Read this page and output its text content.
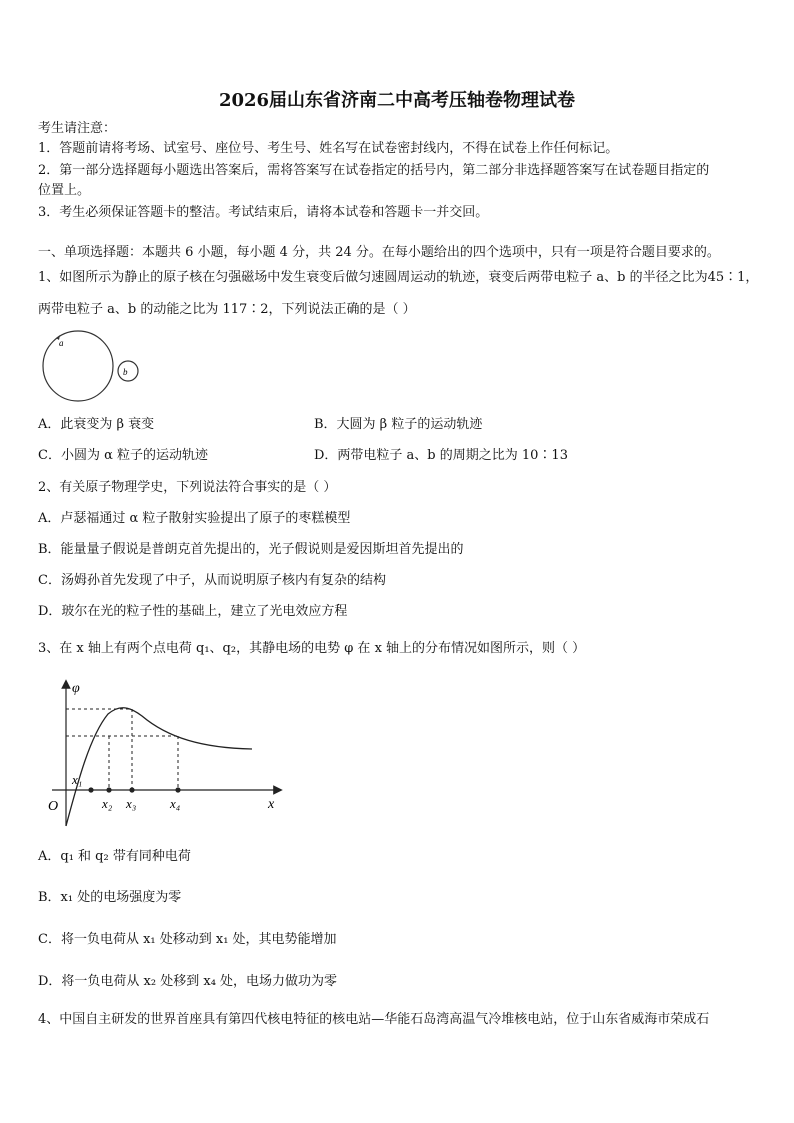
2026届山东省济南二中高考压轴卷物理试卷
考生请注意：
1．答题前请将考场、试室号、座位号、考生号、姓名写在试卷密封线内，不得在试卷上作任何标记。
2．第一部分选择题每小题选出答案后，需将答案写在试卷指定的括号内，第二部分非选择题答案写在试卷题目指定的
位置上。
3．考生必须保证答题卡的整洁。考试结束后，请将本试卷和答题卡一并交回。
一、单项选择题：本题共 6 小题，每小题 4 分，共 24 分。在每小题给出的四个选项中，只有一项是符合题目要求的。
1、如图所示为静止的原子核在匀强磁场中发生衰变后做匀速圆周运动的轨迹，衰变后两带电粒子 a、b 的半径之比为45∶1，
两带电粒子 a、b 的动能之比为 117∶2，下列说法正确的是（ ）
a
b
A．此衰变为 β 衰变	B．大圆为 β 粒子的运动轨迹
C．小圆为 α 粒子的运动轨迹	D．两带电粒子 a、b 的周期之比为 10∶13
2、有关原子物理学史，下列说法符合事实的是（ ）
A．卢瑟福通过 α 粒子散射实验提出了原子的枣糕模型
B．能量量子假说是普朗克首先提出的，光子假说则是爱因斯坦首先提出的
C．汤姆孙首先发现了中子，从而说明原子核内有复杂的结构
D．玻尔在光的粒子性的基础上，建立了光电效应方程
3、在 x 轴上有两个点电荷 q₁、q₂，其静电场的电势 φ 在 x 轴上的分布情况如图所示，则（ ）
φ
x
O
x₁
x₂ x₃	x₄
A．q₁ 和 q₂ 带有同种电荷
B．x₁ 处的电场强度为零
C．将一负电荷从 x₁ 处移动到 x₁ 处，其电势能增加
D．将一负电荷从 x₂ 处移到 x₄ 处，电场力做功为零
4、中国自主研发的世界首座具有第四代核电特征的核电站—华能石岛湾高温气冷堆核电站，位于山东省威海市荣成石
